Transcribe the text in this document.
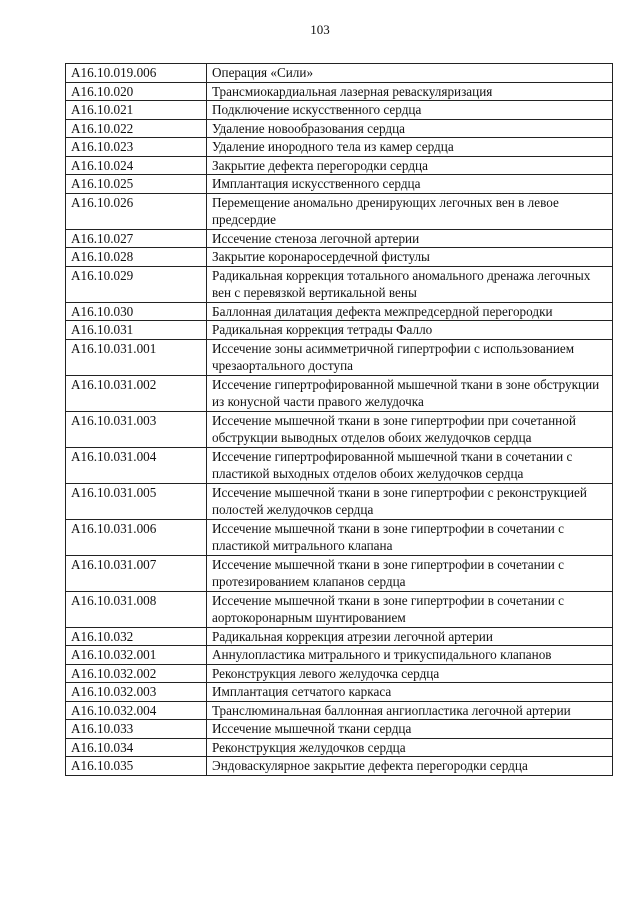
103
A16.10.019.006	Операция «Сили»
A16.10.020	Трансмиокардиальная лазерная реваскуляризация
A16.10.021	Подключение искусственного сердца
A16.10.022	Удаление новообразования сердца
A16.10.023	Удаление инородного тела из камер сердца
A16.10.024	Закрытие дефекта перегородки сердца
A16.10.025	Имплантация искусственного сердца
A16.10.026	Перемещение аномально дренирующих легочных вен в левое предсердие
A16.10.027	Иссечение стеноза легочной артерии
A16.10.028	Закрытие коронаросердечной фистулы
A16.10.029	Радикальная коррекция тотального аномального дренажа легочных вен с перевязкой вертикальной вены
A16.10.030	Баллонная дилатация дефекта межпредсердной перегородки
A16.10.031	Радикальная коррекция тетрады Фалло
A16.10.031.001	Иссечение зоны асимметричной гипертрофии с использованием чрезаортального доступа
A16.10.031.002	Иссечение гипертрофированной мышечной ткани в зоне обструкции из конусной части правого желудочка
A16.10.031.003	Иссечение мышечной ткани в зоне гипертрофии при сочетанной обструкции выводных отделов обоих желудочков сердца
A16.10.031.004	Иссечение гипертрофированной мышечной ткани в сочетании с пластикой выходных отделов обоих желудочков сердца
A16.10.031.005	Иссечение мышечной ткани в зоне гипертрофии с реконструкцией полостей желудочков сердца
A16.10.031.006	Иссечение мышечной ткани в зоне гипертрофии в сочетании с пластикой митрального клапана
A16.10.031.007	Иссечение мышечной ткани в зоне гипертрофии в сочетании с протезированием клапанов сердца
A16.10.031.008	Иссечение мышечной ткани в зоне гипертрофии в сочетании с аортокоронарным шунтированием
A16.10.032	Радикальная коррекция атрезии легочной артерии
A16.10.032.001	Аннулопластика митрального и трикуспидального клапанов
A16.10.032.002	Реконструкция левого желудочка сердца
A16.10.032.003	Имплантация сетчатого каркаса
A16.10.032.004	Транслюминальная баллонная ангиопластика легочной артерии
A16.10.033	Иссечение мышечной ткани сердца
A16.10.034	Реконструкция желудочков сердца
A16.10.035	Эндоваскулярное закрытие дефекта перегородки сердца
